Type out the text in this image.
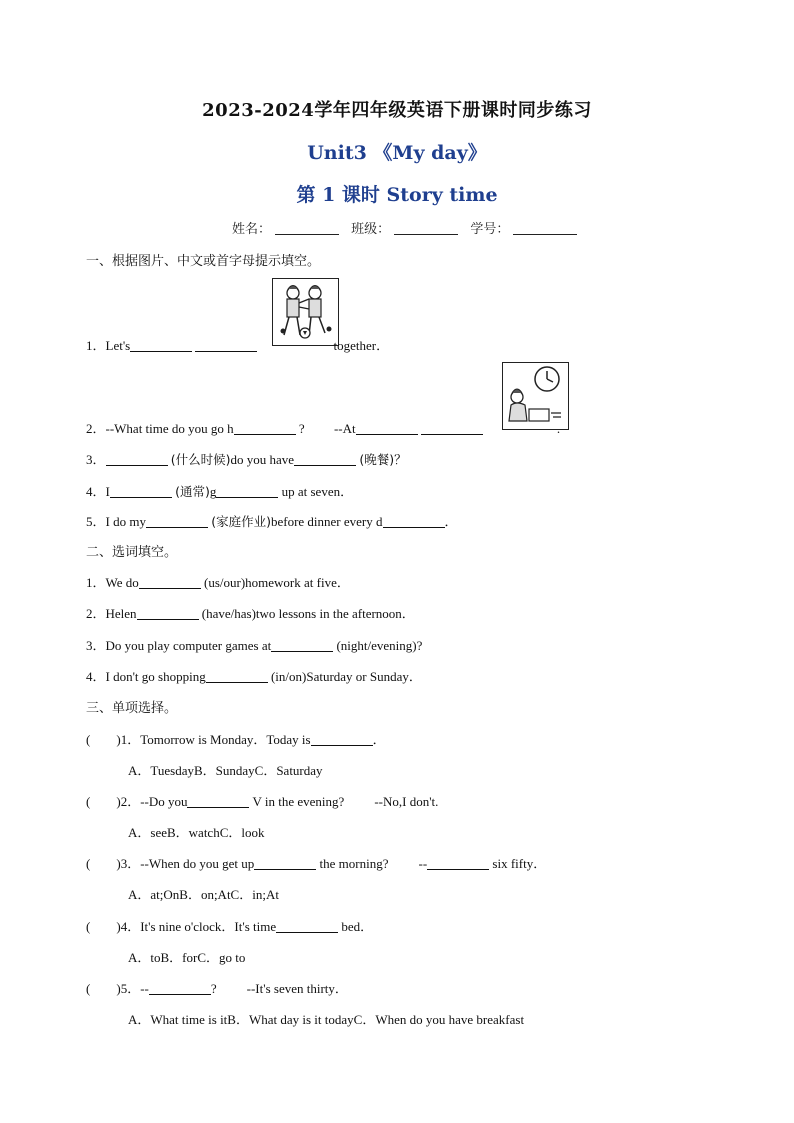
2023-2024学年四年级英语下册课时同步练习
Unit3 《My day》
第 1 课时 Story time
姓名：	班级：	学号：
一、根据图片、中文或首字母提示填空。
1．Let's	together．
2．--What time do you go h	? --At	.
3．	(什么时候)do you have	(晚餐)？
4．I	(通常)g	up at seven．
5．I do my	(家庭作业)before dinner every d	．
二、选词填空。
1．We do	(us/our)homework at five．
2．Helen	(have/has)two lessons in the afternoon．
3．Do you play computer games at	(night/evening)?
4．I don't go shopping	(in/on)Saturday or Sunday．
三、单项选择。
( )1．Tomorrow is Monday．Today is	．
A．TuesdayB．SundayC．Saturday
( )2．--Do you	V in the evening? --No,I don't.
A．seeB．watchC．look
( )3．--When do you get up	the morning? --	six fifty．
A．at;OnB．on;AtC．in;At
( )4．It's nine o'clock．It's time	bed．
A．toB．forC．go to
( )5．--	? --It's seven thirty．
A．What time is itB．What day is it todayC．When do you have breakfast
